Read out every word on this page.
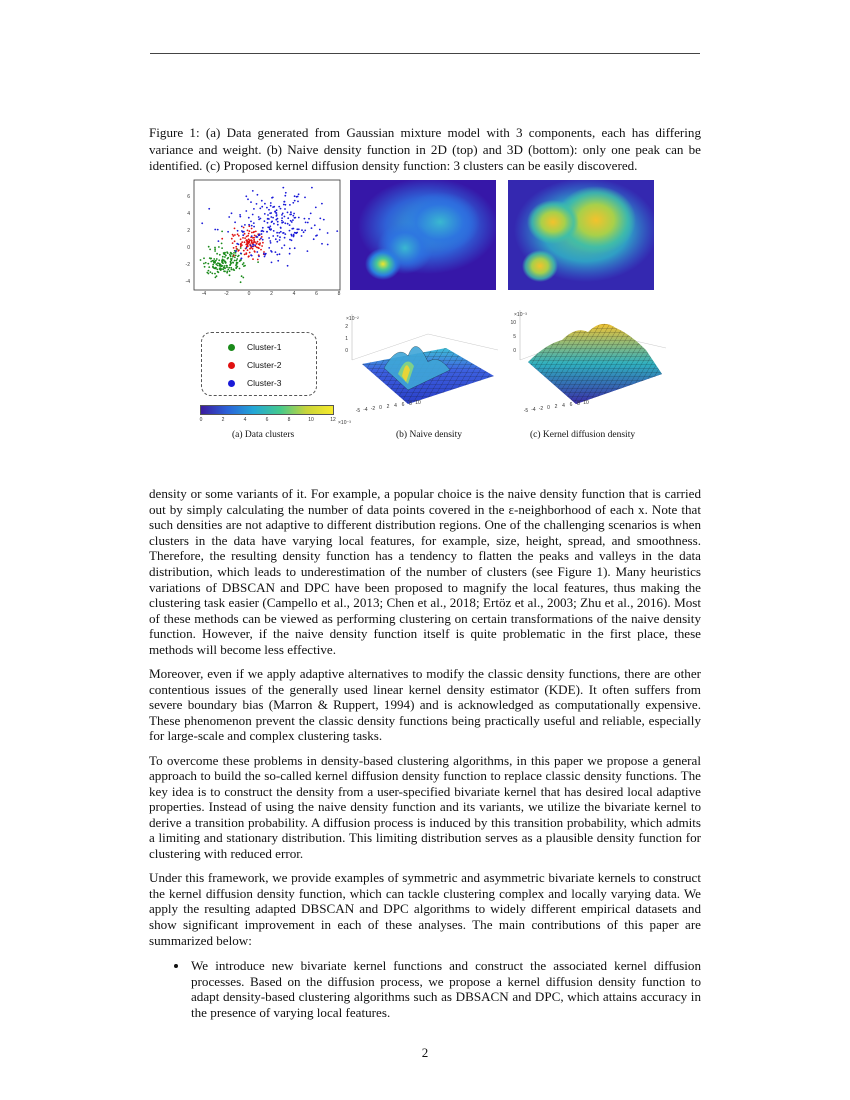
Figure 1: (a) Data generated from Gaussian mixture model with 3 components, each has differing variance and weight. (b) Naive density function in 2D (top) and 3D (bottom): only one peak can be identified. (c) Proposed kernel diffusion density function: 3 clusters can be easily discovered.
-4	-2	0	2	4	6	8
6
4
2
0
-2
-4
Cluster-1
Cluster-2
Cluster-3
0	2	4	6	8	10	12 ×10⁻³
×10⁻²
2
1
0
-5 -4 -2 0 2 4 6 8 10
×10⁻³
10
5
0
-5 -4 -2 0 2 4 6 8 10
(a) Data clusters	(b) Naive density	(c) Kernel diffusion density

density or some variants of it. For example, a popular choice is the naive density function that is carried out by simply calculating the number of data points covered in the ε-neighborhood of each x. Note that such densities are not adaptive to different distribution regions. One of the challenging scenarios is when clusters in the data have varying local features, for example, size, height, spread, and smoothness. Therefore, the resulting density function has a tendency to flatten the peaks and valleys in the data distribution, which leads to underestimation of the number of clusters (see Figure 1). Many heuristics variations of DBSCAN and DPC have been proposed to magnify the local features, thus making the clustering task easier (Campello et al., 2013; Chen et al., 2018; Ertöz et al., 2003; Zhu et al., 2016). Most of these methods can be viewed as performing clustering on certain transformations of the naive density function. However, if the naive density function itself is quite problematic in the first place, these methods will become less effective.

Moreover, even if we apply adaptive alternatives to modify the classic density functions, there are other contentious issues of the generally used linear kernel density estimator (KDE). It often suffers from severe boundary bias (Marron & Ruppert, 1994) and is acknowledged as computationally expensive. These phenomenon prevent the classic density functions being practically useful and reliable, especially for large-scale and complex clustering tasks.

To overcome these problems in density-based clustering algorithms, in this paper we propose a general approach to build the so-called kernel diffusion density function to replace classic density functions. The key idea is to construct the density from a user-specified bivariate kernel that has desired local adaptive properties. Instead of using the naive density function and its variants, we utilize the bivariate kernel to derive a transition probability. A diffusion process is induced by this transition probability, which admits a limiting and stationary distribution. This limiting distribution serves as a plausible density function for clustering with reduced error.

Under this framework, we provide examples of symmetric and asymmetric bivariate kernels to construct the kernel diffusion density function, which can tackle clustering complex and locally varying data. We apply the resulting adapted DBSCAN and DPC algorithms to widely different empirical datasets and show significant improvement in each of these analyses. The main contributions of this paper are summarized below:

• We introduce new bivariate kernel functions and construct the associated kernel diffusion processes. Based on the diffusion process, we propose a kernel diffusion density function to adapt density-based clustering algorithms such as DBSACN and DPC, which attains accuracy in the presence of varying local features.
2
